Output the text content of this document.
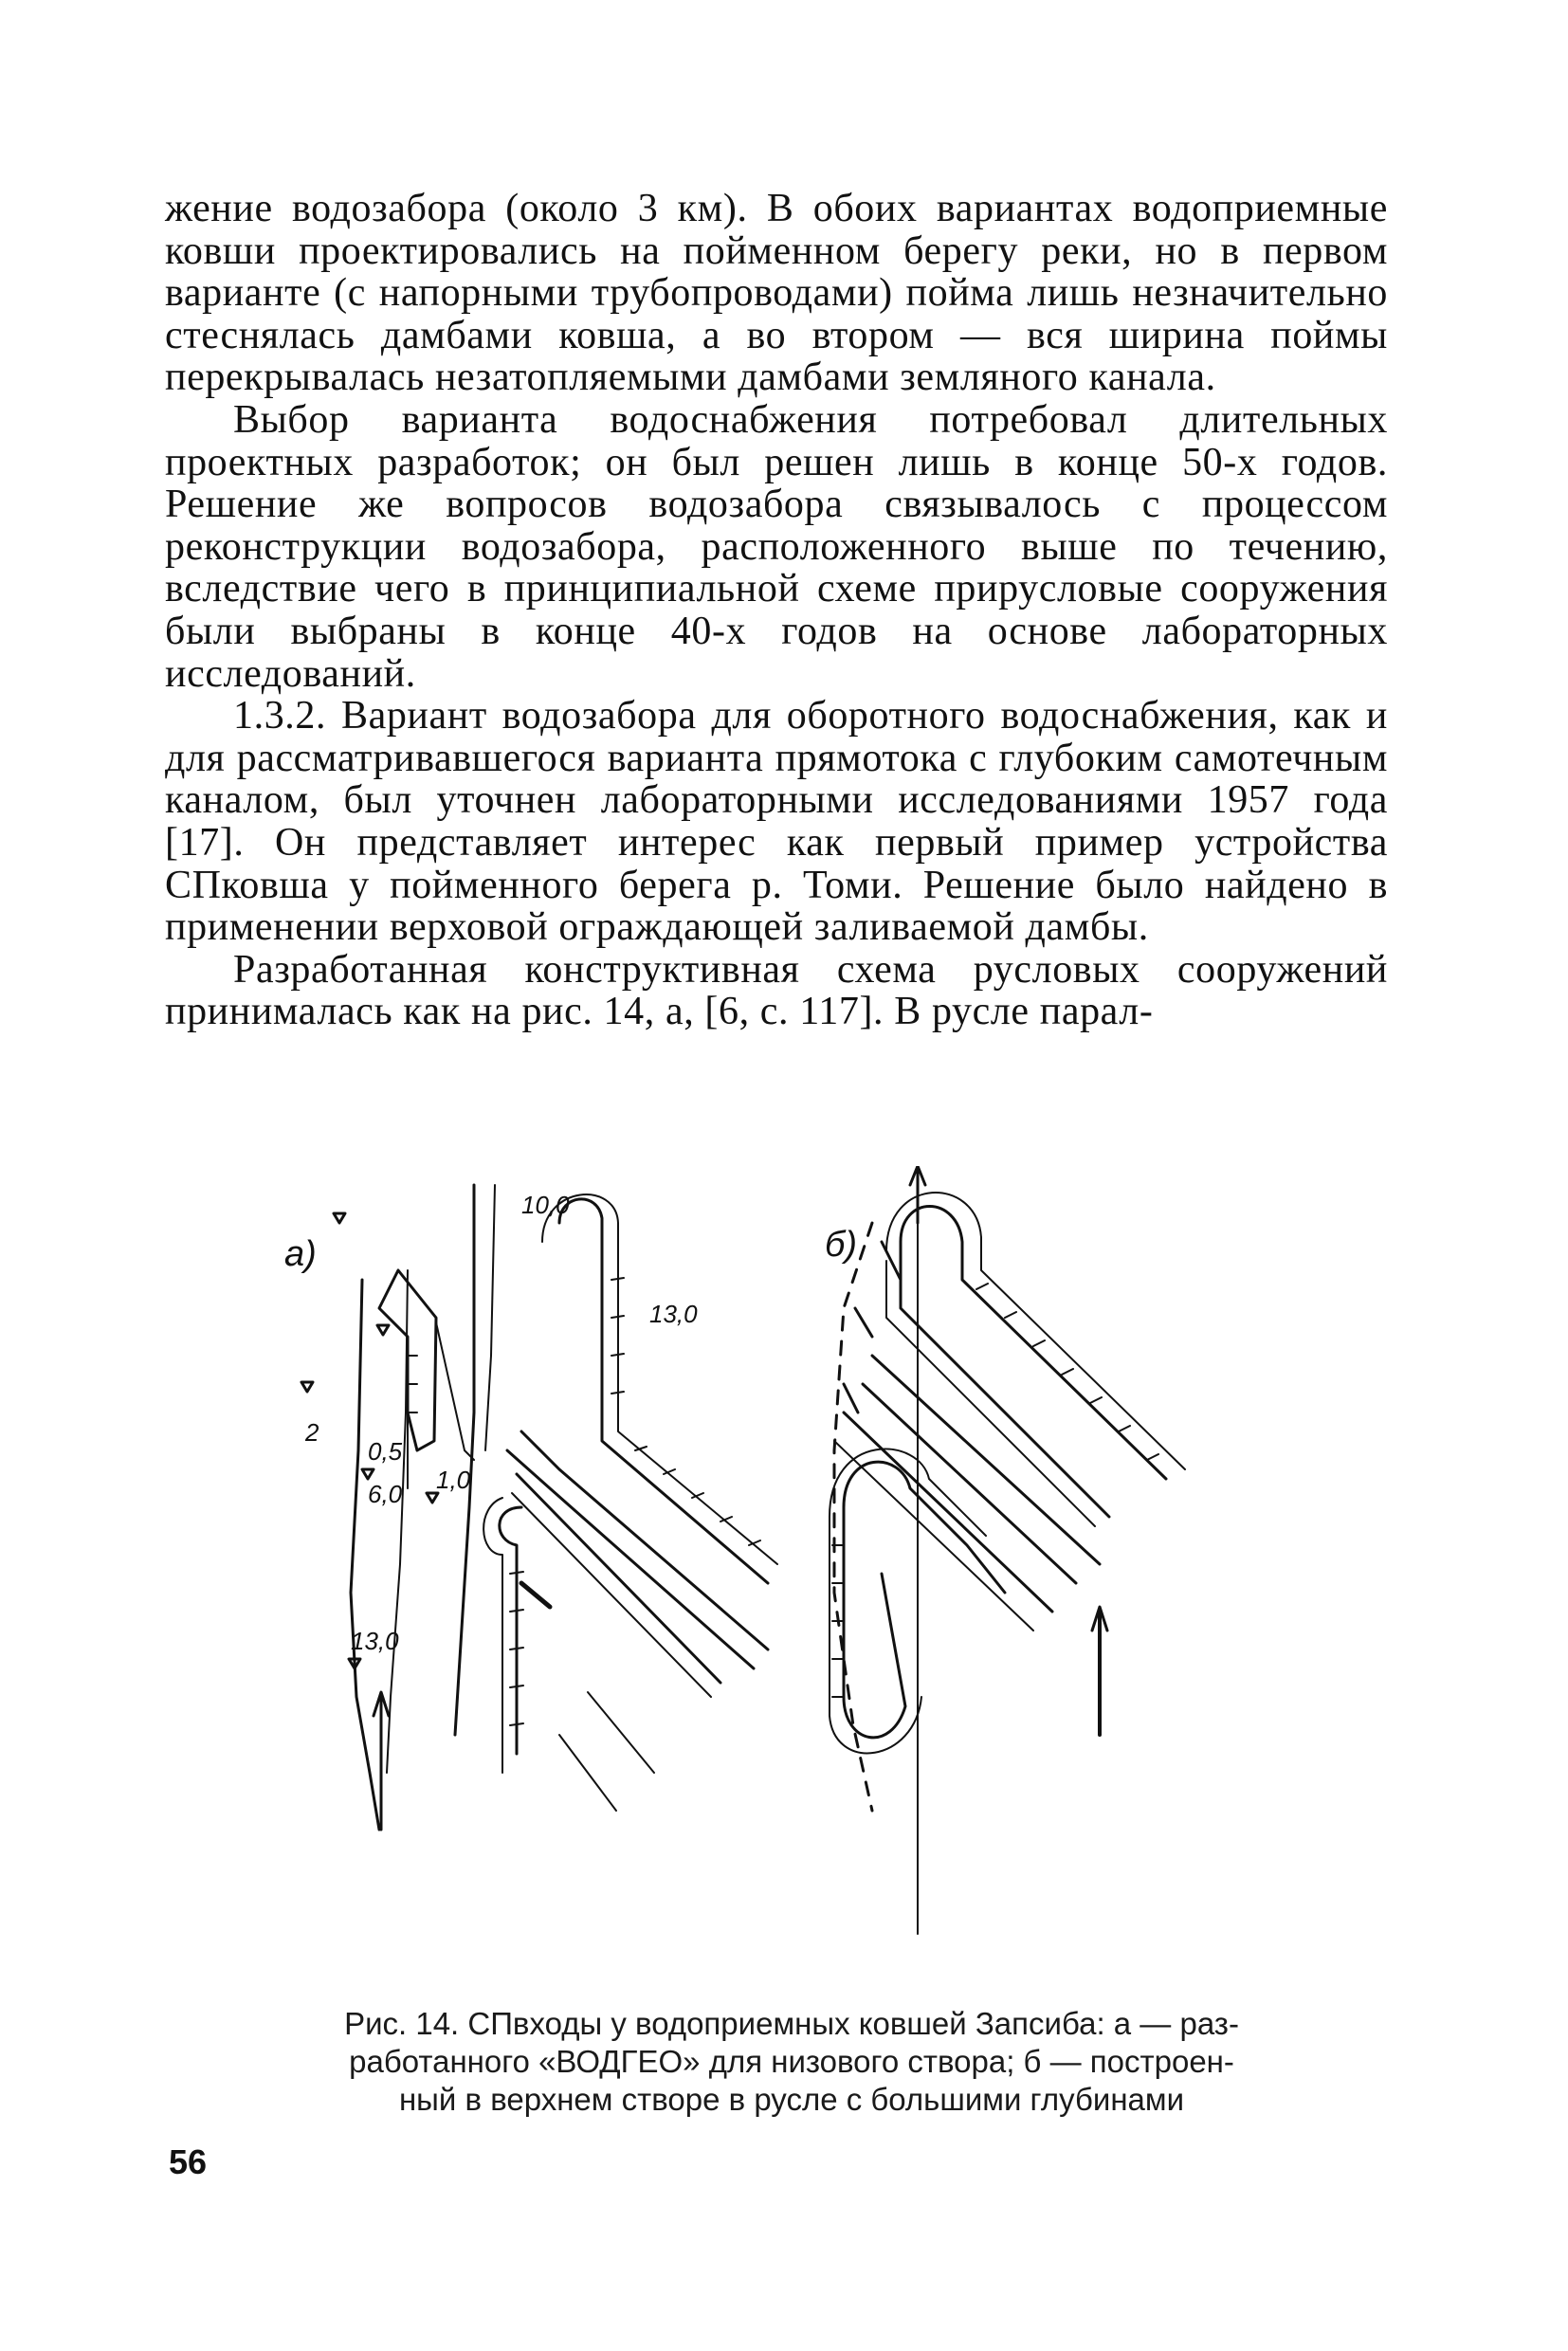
жение водозабора (около 3 км). В обоих вариантах водоприемные ковши проектировались на пойменном берегу реки, но в первом варианте (с напорными трубопроводами) пойма лишь незначительно стеснялась дамбами ковша, а во втором — вся ширина поймы перекрывалась незатопляемыми дамбами земляного канала.

Выбор варианта водоснабжения потребовал длительных проектных разработок; он был решен лишь в конце 50-х годов. Решение же вопросов водозабора связывалось с процессом реконструкции водозабора, расположенного выше по течению, вследствие чего в принципиальной схеме прирусловые сооружения были выбраны в конце 40-х годов на основе лабораторных исследований.

1.3.2. Вариант водозабора для оборотного водоснабжения, как и для рассматривавшегося варианта прямотока с глубоким самотечным каналом, был уточнен лабораторными исследованиями 1957 года [17]. Он представляет интерес как первый пример устройства СПковша у пойменного берега р. Томи. Решение было найдено в применении верховой ограждающей заливаемой дамбы.

Разработанная конструктивная схема русловых сооружений принималась как на рис. 14, а, [6, с. 117]. В русле парал-

а)
10,0
13,0
2
0,5
6,0 1,0
13,0
б)
Рис. 14. СПвходы у водоприемных ковшей Запсиба: а — раз-
работанного «ВОДГЕО» для низового створа; б — построен-
ный в верхнем створе в русле с большими глубинами
56
